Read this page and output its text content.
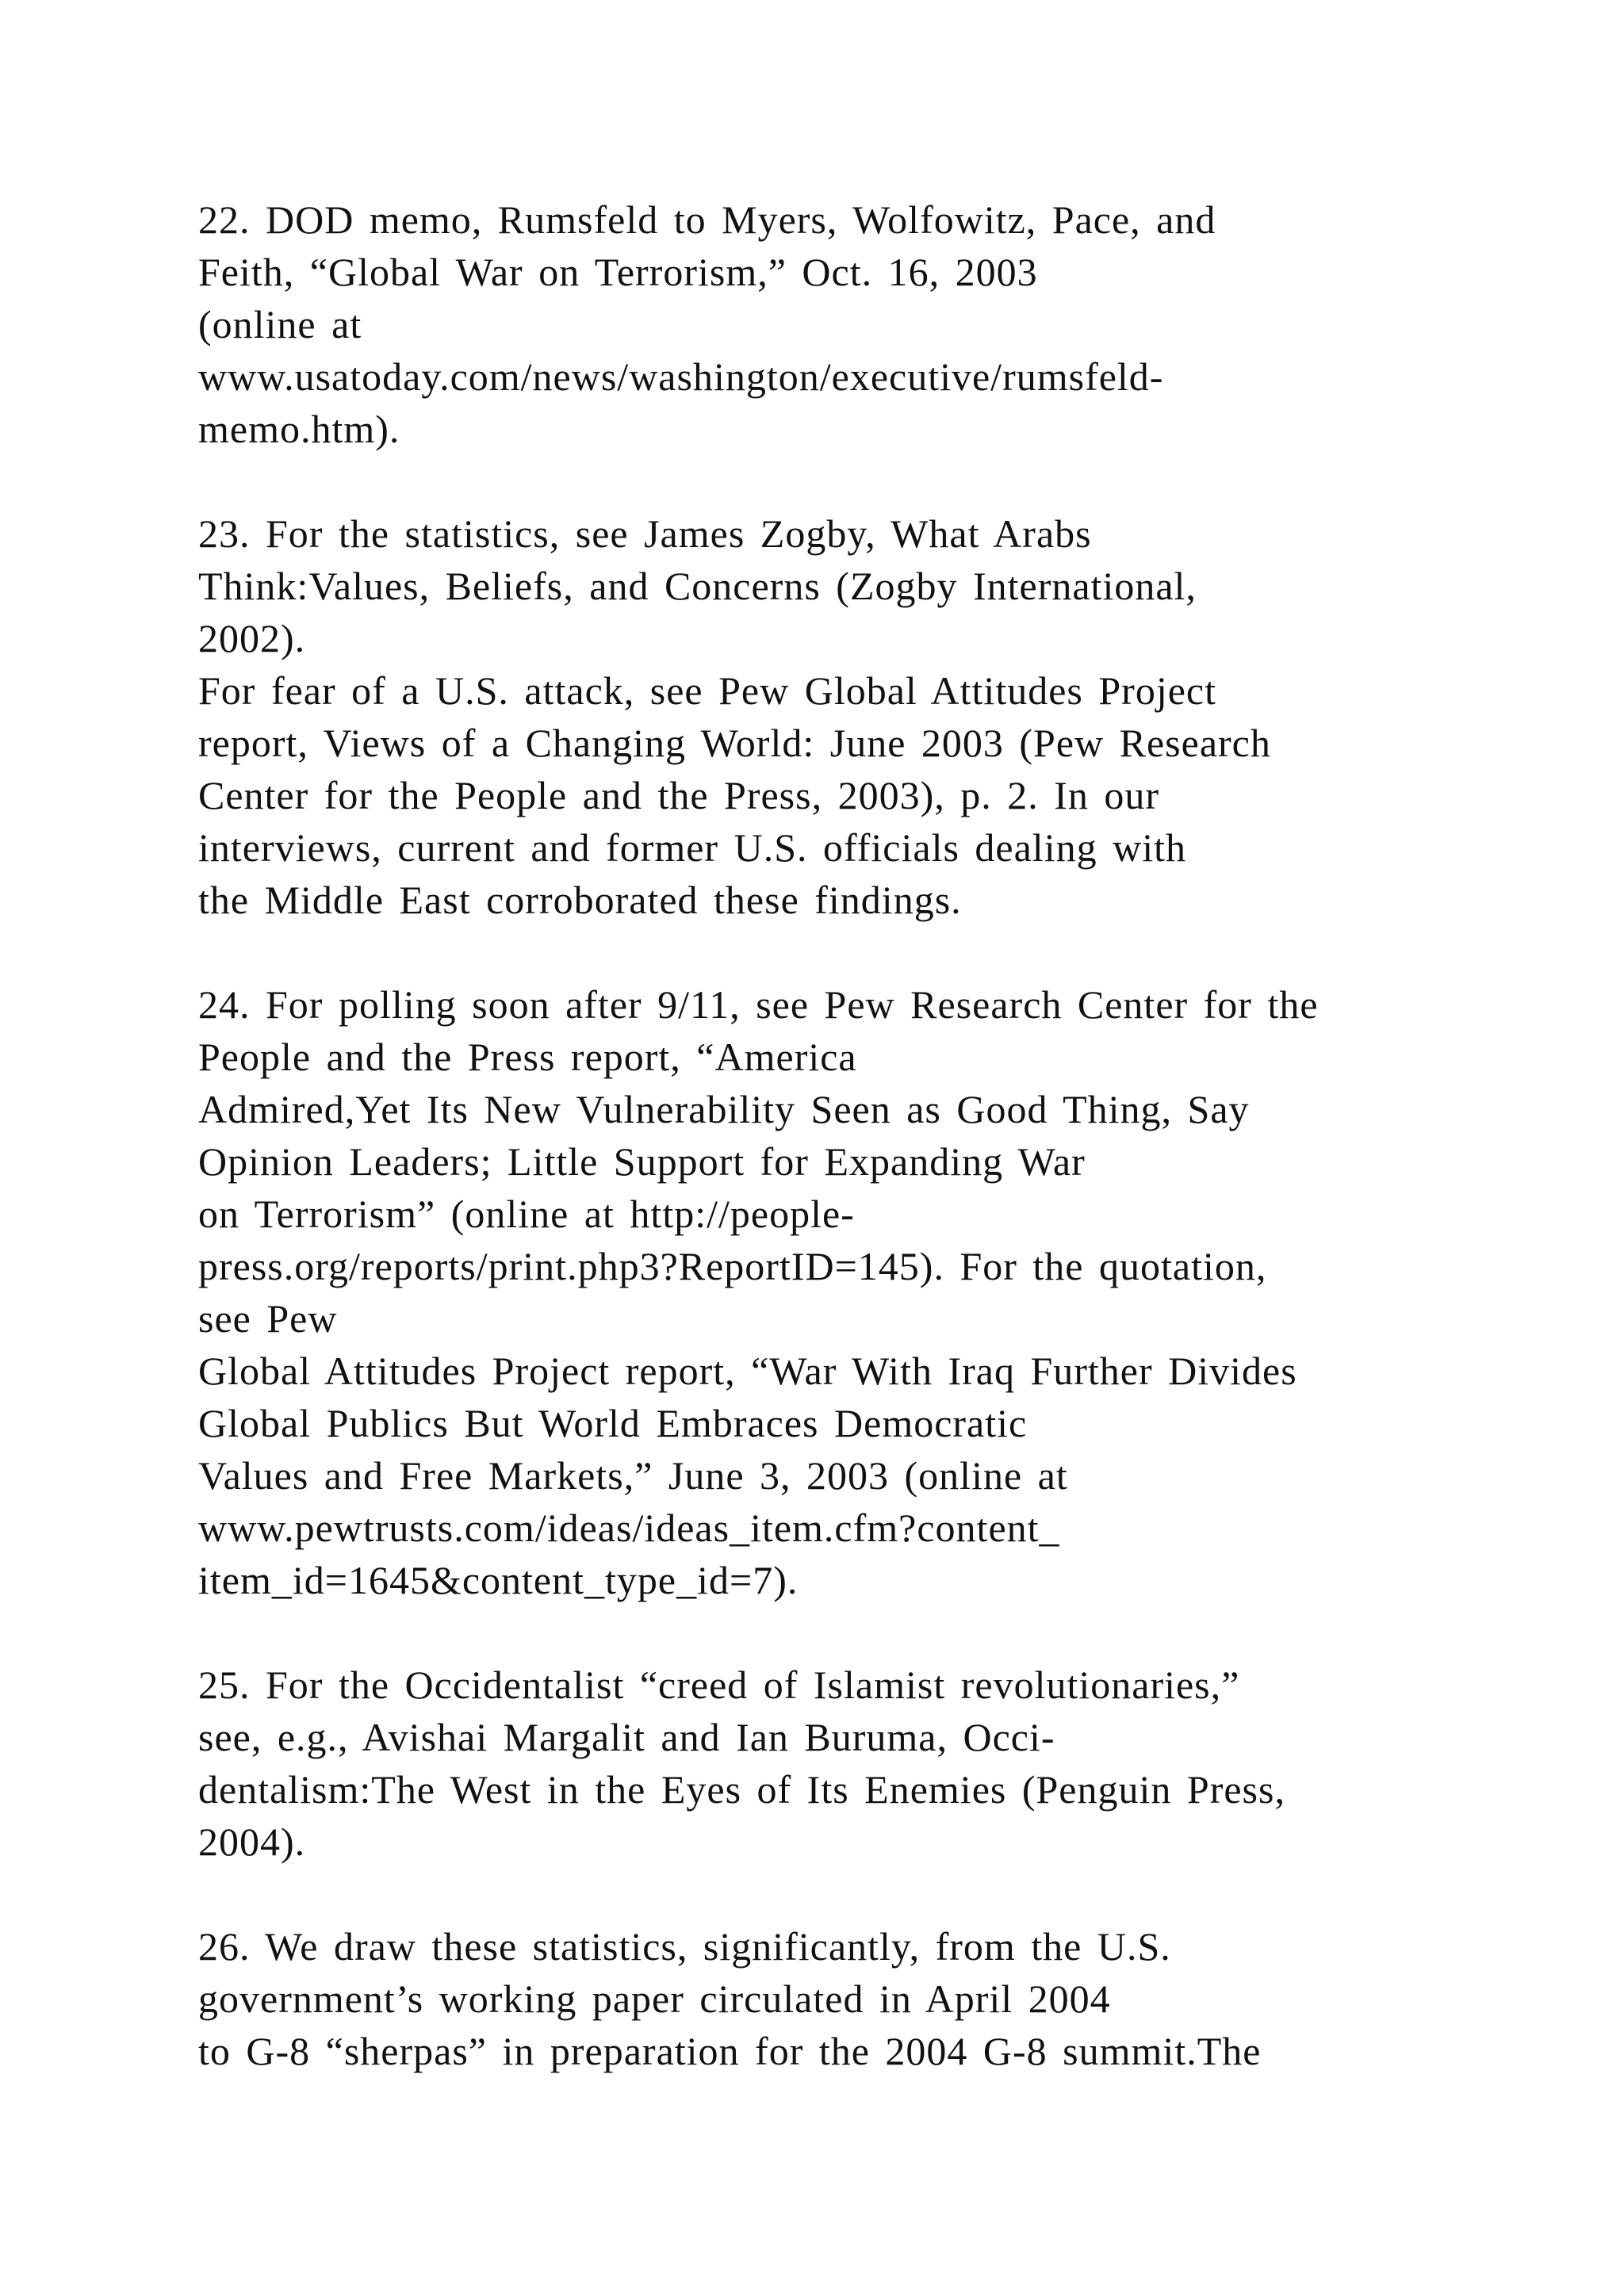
22. DOD memo, Rumsfeld to Myers, Wolfowitz, Pace, and
Feith, “Global War on Terrorism,” Oct. 16, 2003
(online at
www.usatoday.com/news/washington/executive/rumsfeld-
memo.htm).
23. For the statistics, see James Zogby, What Arabs
Think:Values, Beliefs, and Concerns (Zogby International,
2002).
For fear of a U.S. attack, see Pew Global Attitudes Project
report, Views of a Changing World: June 2003 (Pew Research
Center for the People and the Press, 2003), p. 2. In our
interviews, current and former U.S. officials dealing with
the Middle East corroborated these findings.
24. For polling soon after 9/11, see Pew Research Center for the
People and the Press report, “America
Admired,Yet Its New Vulnerability Seen as Good Thing, Say
Opinion Leaders; Little Support for Expanding War
on Terrorism” (online at http://people-
press.org/reports/print.php3?ReportID=145). For the quotation,
see Pew
Global Attitudes Project report, “War With Iraq Further Divides
Global Publics But World Embraces Democratic
Values and Free Markets,” June 3, 2003 (online at
www.pewtrusts.com/ideas/ideas_item.cfm?content_
item_id=1645&content_type_id=7).
25. For the Occidentalist “creed of Islamist revolutionaries,”
see, e.g., Avishai Margalit and Ian Buruma, Occi-
dentalism:The West in the Eyes of Its Enemies (Penguin Press,
2004).
26. We draw these statistics, significantly, from the U.S.
government’s working paper circulated in April 2004
to G-8 “sherpas” in preparation for the 2004 G-8 summit.The
